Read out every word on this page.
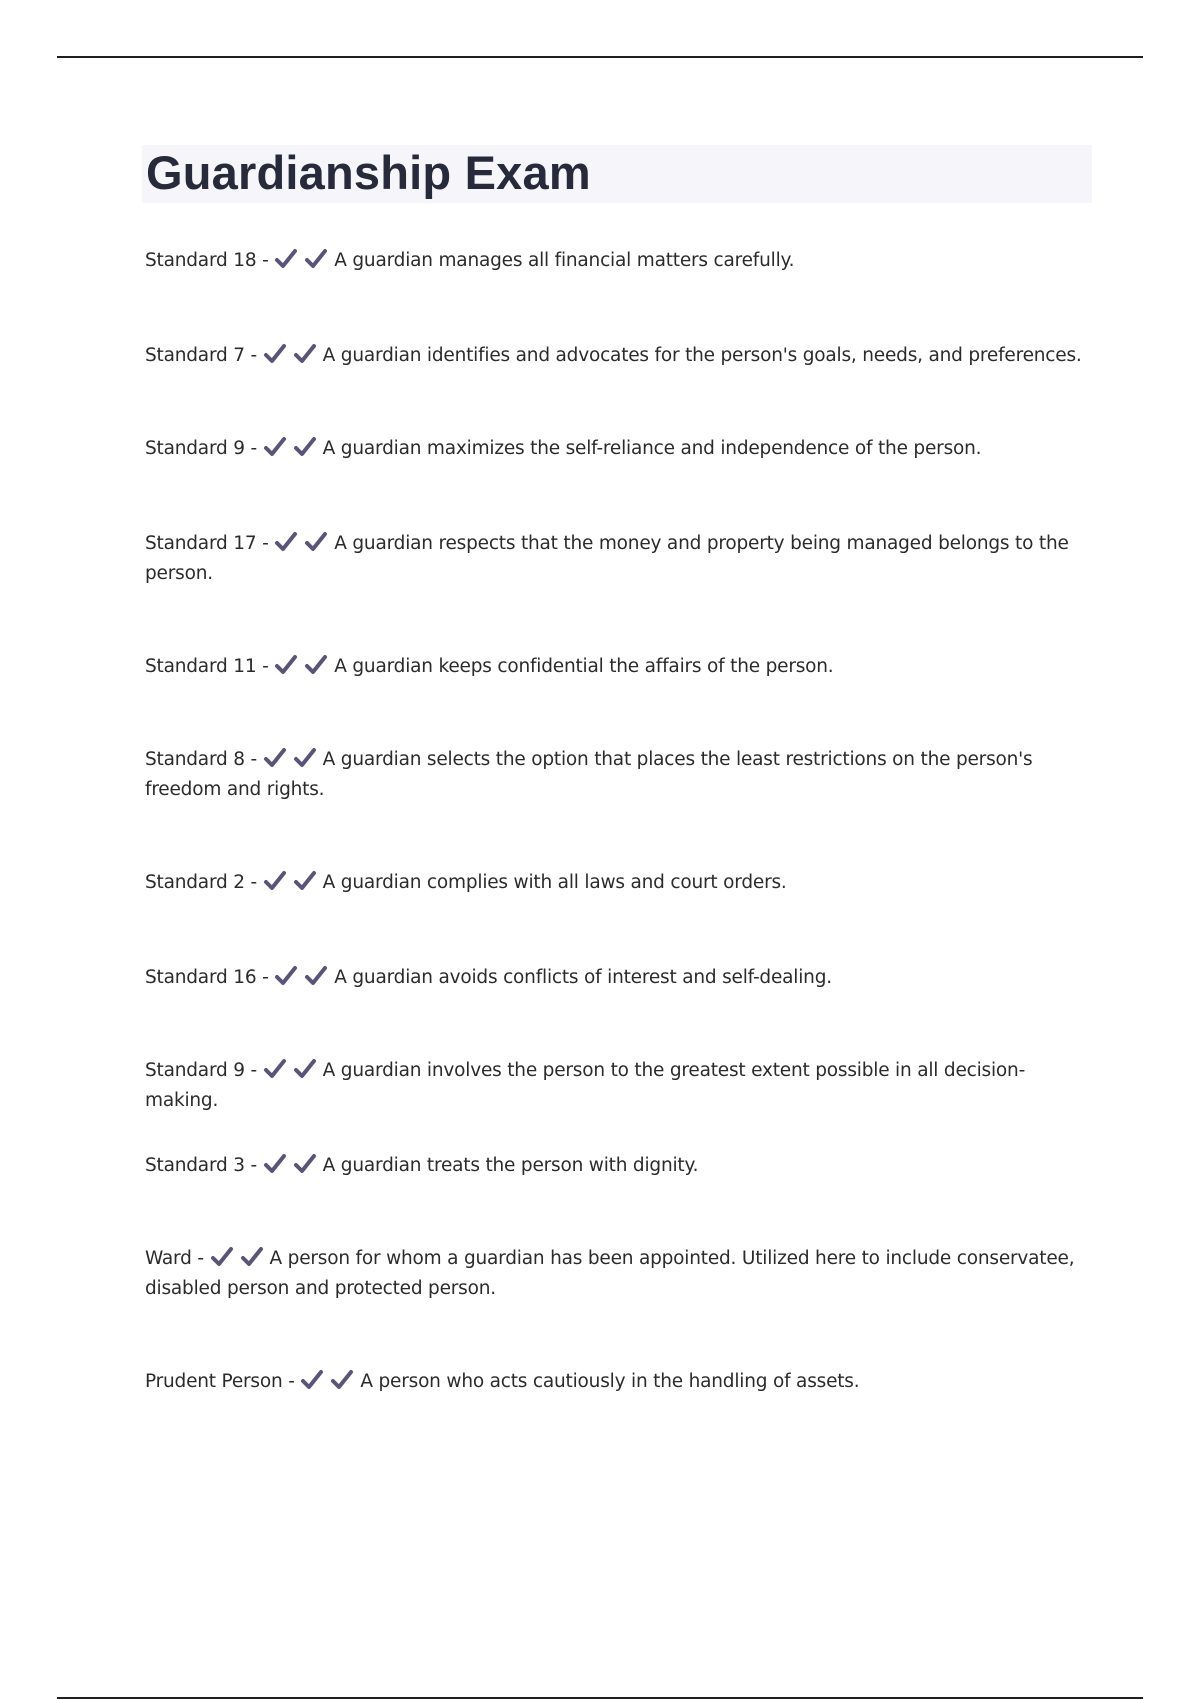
Guardianship Exam

Standard 18 -	A guardian manages all financial matters carefully.

Standard 7 -	A guardian identifies and advocates for the person's goals, needs, and preferences.

Standard 9 -	A guardian maximizes the self-reliance and independence of the person.

Standard 17 -	A guardian respects that the money and property being managed belongs to the person.

Standard 11 -	A guardian keeps confidential the affairs of the person.

Standard 8 -	A guardian selects the option that places the least restrictions on the person's freedom and rights.

Standard 2 -	A guardian complies with all laws and court orders.

Standard 16 -	A guardian avoids conflicts of interest and self-dealing.

Standard 9 -	A guardian involves the person to the greatest extent possible in all decision-making.

Standard 3 -	A guardian treats the person with dignity.

Ward -	A person for whom a guardian has been appointed. Utilized here to include conservatee, disabled person and protected person.

Prudent Person -	A person who acts cautiously in the handling of assets.
